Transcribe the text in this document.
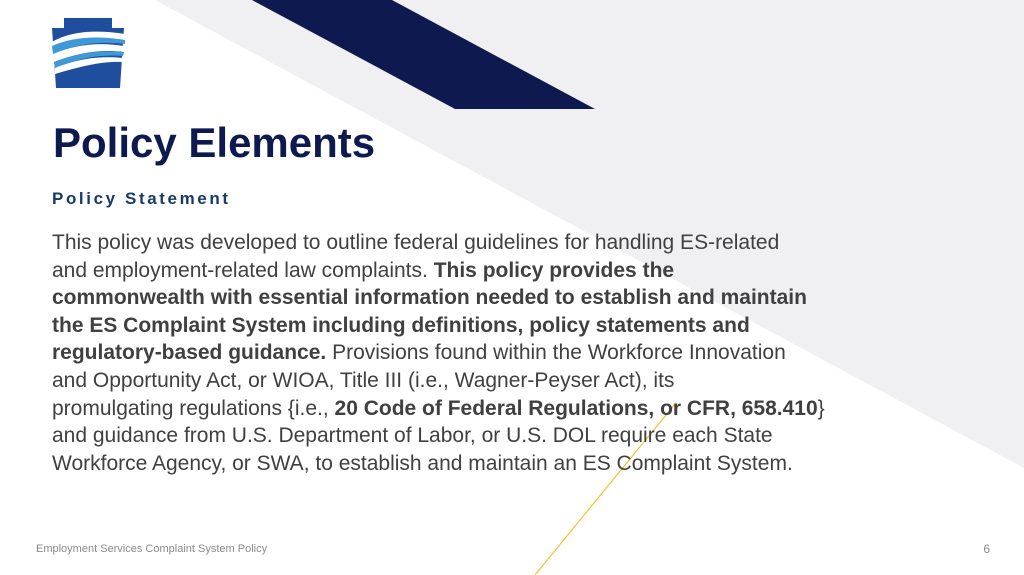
Policy Elements
Policy Statement
This policy was developed to outline federal guidelines for handling ES-related
and employment-related law complaints. This policy provides the
commonwealth with essential information needed to establish and maintain
the ES Complaint System including definitions, policy statements and
regulatory-based guidance. Provisions found within the Workforce Innovation
and Opportunity Act, or WIOA, Title III (i.e., Wagner-Peyser Act), its
promulgating regulations {i.e., 20 Code of Federal Regulations, or CFR, 658.410}
and guidance from U.S. Department of Labor, or U.S. DOL require each State
Workforce Agency, or SWA, to establish and maintain an ES Complaint System.
Employment Services Complaint System Policy	6
